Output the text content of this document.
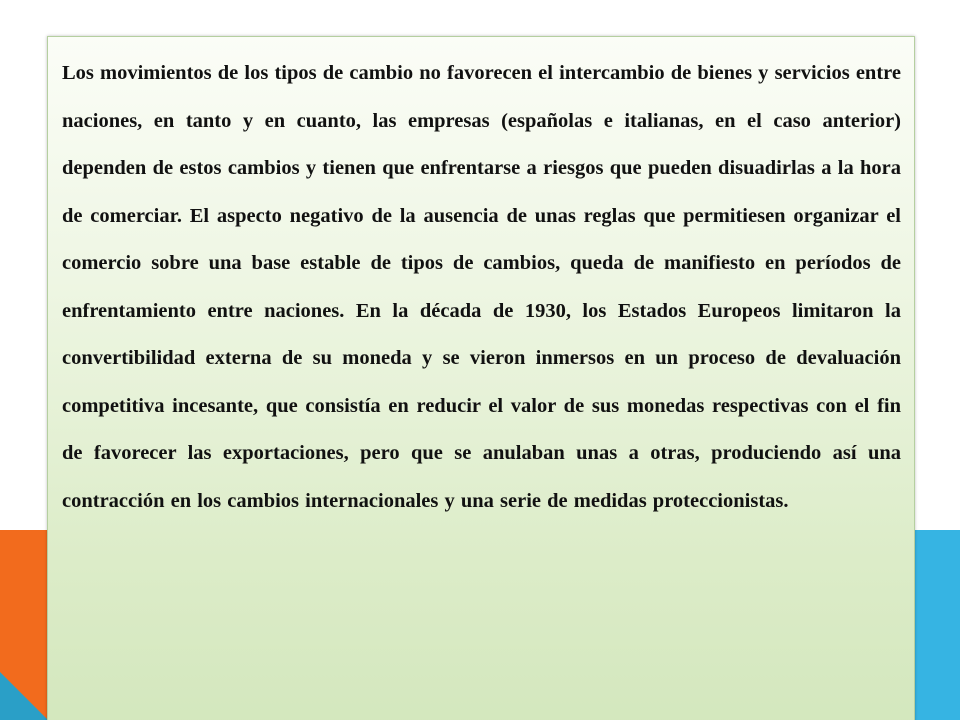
Los movimientos de los tipos de cambio no favorecen el intercambio de bienes y servicios entre naciones, en tanto y en cuanto, las empresas (españolas e italianas, en el caso anterior) dependen de estos cambios y tienen que enfrentarse a riesgos que pueden disuadirlas a la hora de comerciar. El aspecto negativo de la ausencia de unas reglas que permitiesen organizar el comercio sobre una base estable de tipos de cambios, queda de manifiesto en períodos de enfrentamiento entre naciones. En la década de 1930, los Estados Europeos limitaron la convertibilidad externa de su moneda y se vieron inmersos en un proceso de devaluación competitiva incesante, que consistía en reducir el valor de sus monedas respectivas con el fin de favorecer las exportaciones, pero que se anulaban unas a otras, produciendo así una contracción en los cambios internacionales y una serie de medidas proteccionistas.
